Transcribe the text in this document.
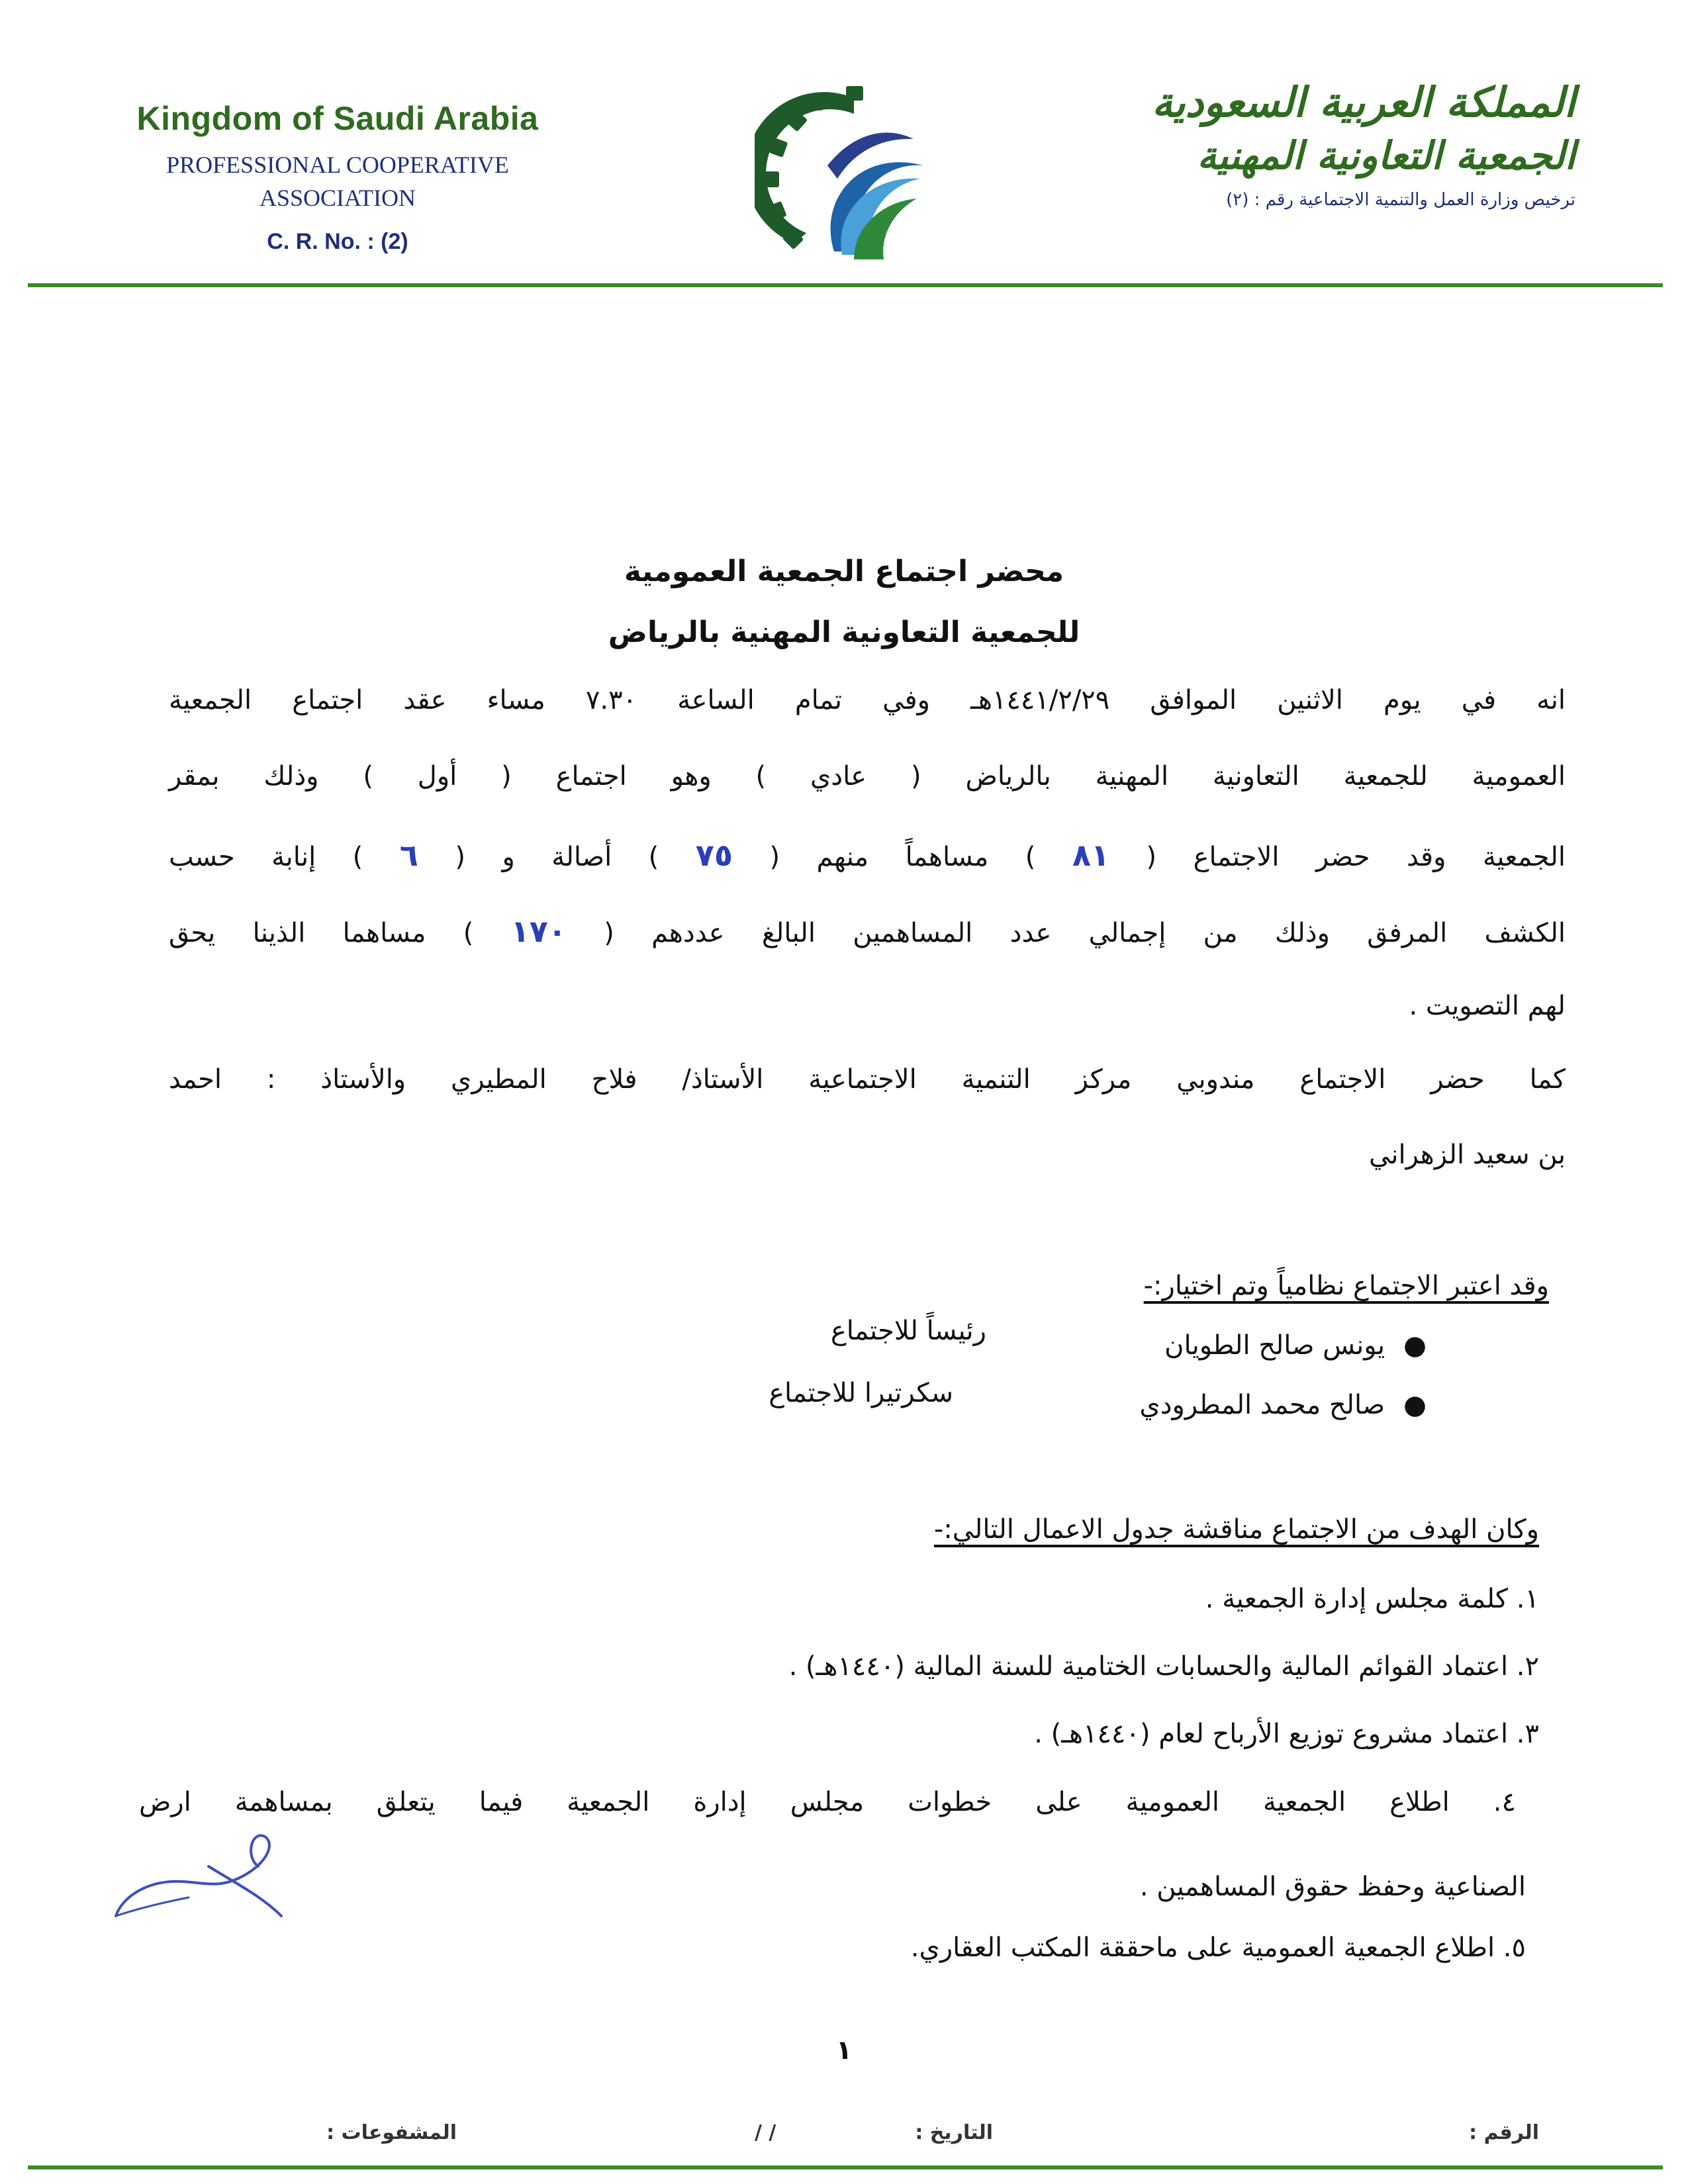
Kingdom of Saudi Arabia
PROFESSIONAL COOPERATIVE
ASSOCIATION
C. R. No. : (2)
المملكة العربية السعودية
الجمعية التعاونية المهنية
ترخيص وزارة العمل والتنمية الاجتماعية رقم : (٢)
محضر اجتماع الجمعية العمومية
للجمعية التعاونية المهنية بالرياض
انه في يوم الاثنين الموافق ١٤٤١/٢/٢٩هـ وفي تمام الساعة ٧.٣٠ مساء عقد اجتماع الجمعية
العمومية للجمعية التعاونية المهنية بالرياض ( عادي ) وهو اجتماع ( أول ) وذلك بمقر
الجمعية وقد حضر الاجتماع ( ٨١ ) مساهماً منهم ( ٧٥ ) أصالة و ( ٦ ) إنابة حسب
الكشف المرفق وذلك من إجمالي عدد المساهمين البالغ عددهم ( ١٧٠ ) مساهما الذينا يحق
لهم التصويت .
كما حضر الاجتماع مندوبي مركز التنمية الاجتماعية الأستاذ/ فلاح المطيري والأستاذ : احمد
بن سعيد الزهراني
وقد اعتبر الاجتماع نظامياً وتم اختيار:-
●يونس صالح الطويان
رئيساً للاجتماع
●صالح محمد المطرودي
سكرتيرا للاجتماع
وكان الهدف من الاجتماع مناقشة جدول الاعمال التالي:-
١. كلمة مجلس إدارة الجمعية .
٢. اعتماد القوائم المالية والحسابات الختامية للسنة المالية (١٤٤٠هـ) .
٣. اعتماد مشروع توزيع الأرباح لعام (١٤٤٠هـ) .
٤. اطلاع الجمعية العمومية على خطوات مجلس إدارة الجمعية فيما يتعلق بمساهمة ارض
الصناعية وحفظ حقوق المساهمين .
٥. اطلاع الجمعية العمومية على ماحققة المكتب العقاري.
١
الرقم :
التاريخ :
/ /
المشفوعات :
